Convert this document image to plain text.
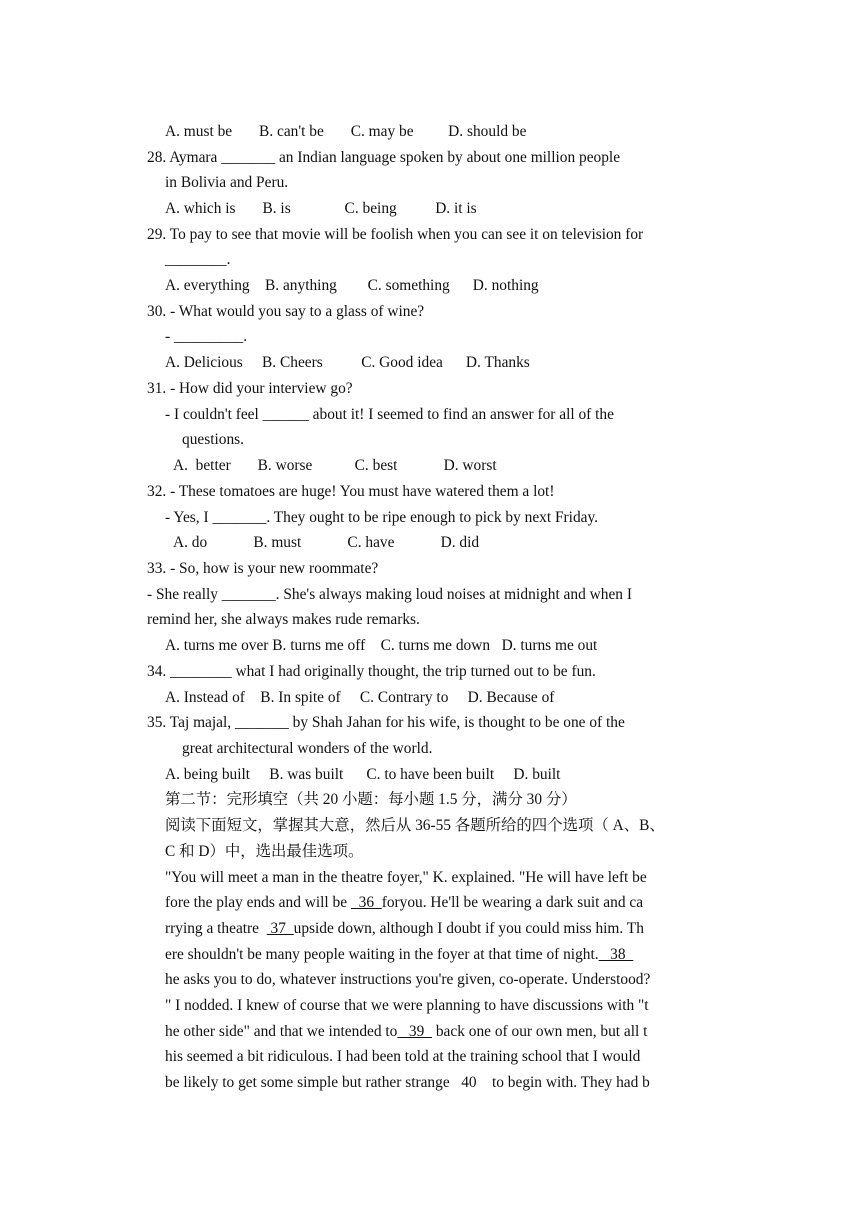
A. must be       B. can't be       C. may be         D. should be
28. Aymara _______ an Indian language spoken by about one million people
in Bolivia and Peru.
A. which is       B. is              C. being          D. it is
29. To pay to see that movie will be foolish when you can see it on television for
________.
A. everything    B. anything        C. something      D. nothing
30. - What would you say to a glass of wine?
- _________.
A. Delicious     B. Cheers          C. Good idea      D. Thanks
31. - How did your interview go?
- I couldn't feel ______ about it! I seemed to find an answer for all of the
questions.
A.  better       B. worse           C. best            D. worst
32. - These tomatoes are huge! You must have watered them a lot!
- Yes, I _______. They ought to be ripe enough to pick by next Friday.
A. do            B. must            C. have            D. did
33. - So, how is your new roommate?
- She really _______. She's always making loud noises at midnight and when I
remind her, she always makes rude remarks.
A. turns me over B. turns me off    C. turns me down   D. turns me out
34. ________ what I had originally thought, the trip turned out to be fun.
A. Instead of    B. In spite of     C. Contrary to     D. Because of
35. Taj majal, _______ by Shah Jahan for his wife, is thought to be one of the
great architectural wonders of the world.
A. being built     B. was built      C. to have been built     D. built
第二节：完形填空（共 20 小题：每小题 1.5 分，满分 30 分）
阅读下面短文，掌握其大意，然后从 36-55 各题所给的四个选项（ A、B、
C 和 D）中，选出最佳选项。
"You will meet a man in the theatre foyer," K. explained. "He will have left be
fore the play ends and will be   36  foryou. He'll be wearing a dark suit and ca
rrying a theatre   37  upside down, although I doubt if you could miss him. Th
ere shouldn't be many people waiting in the foyer at that time of night.   38
he asks you to do, whatever instructions you're given, co-operate. Understood?
" I nodded. I knew of course that we were planning to have discussions with "t
he other side" and that we intended to   39   back one of our own men, but all t
his seemed a bit ridiculous. I had been told at the training school that I would
be likely to get some simple but rather strange   40    to begin with. They had b
